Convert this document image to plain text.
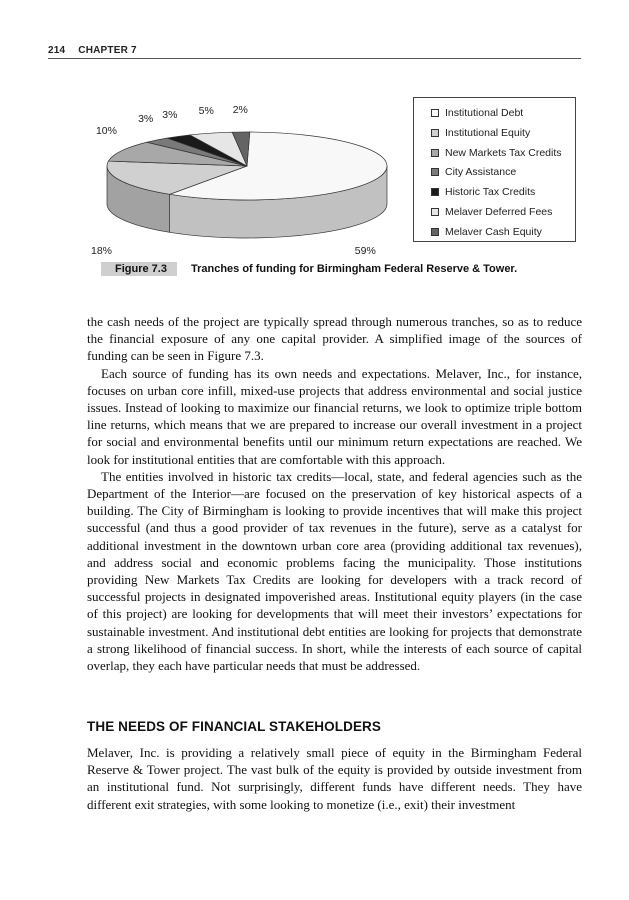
214 CHAPTER 7
59%
18%
10%
3% 3% 5% 2%	Institutional Debt
Institutional Equity
New Markets Tax Credits
City Assistance
Historic Tax Credits
Melaver Deferred Fees
Melaver Cash Equity
Figure 7.3 Tranches of funding for Birmingham Federal Reserve & Tower.

the cash needs of the project are typically spread through numerous tranches, so as to reduce the financial exposure of any one capital provider. A simplified image of the sources of funding can be seen in Figure 7.3.

Each source of funding has its own needs and expectations. Melaver, Inc., for instance, focuses on urban core infill, mixed-use projects that address environmental and social justice issues. Instead of looking to maximize our financial returns, we look to optimize triple bottom line returns, which means that we are prepared to increase our overall investment in a project for social and environmental benefits until our minimum return expectations are reached. We look for institutional entities that are comfortable with this approach.

The entities involved in historic tax credits—local, state, and federal agencies such as the Department of the Interior—are focused on the preservation of key historical aspects of a building. The City of Birmingham is looking to provide incentives that will make this project successful (and thus a good provider of tax revenues in the future), serve as a catalyst for additional investment in the downtown urban core area (providing additional tax revenues), and address social and economic problems facing the municipality. Those institutions providing New Markets Tax Credits are looking for developers with a track record of successful projects in designated impoverished areas. Institutional equity players (in the case of this project) are looking for developments that will meet their investors’ expectations for sustainable investment. And institutional debt entities are looking for projects that demonstrate a strong likelihood of financial success. In short, while the interests of each source of capital overlap, they each have particular needs that must be addressed.

THE NEEDS OF FINANCIAL STAKEHOLDERS

Melaver, Inc. is providing a relatively small piece of equity in the Birmingham Federal Reserve & Tower project. The vast bulk of the equity is provided by outside investment from an institutional fund. Not surprisingly, different funds have different needs. They have different exit strategies, with some looking to monetize (i.e., exit) their investment
